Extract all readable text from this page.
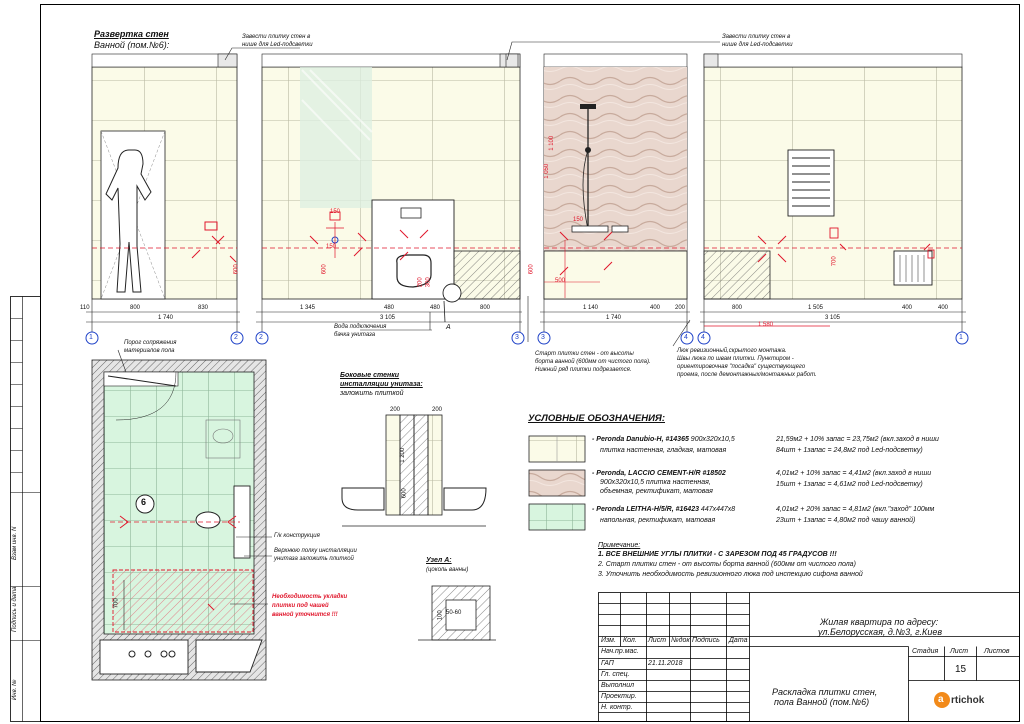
Взам инв. N
Подпись и дата
Инв. №
Развертка стен
Ванной (пом.№6):
Завести плитку стен в
нише для Led-подсветки
Завести плитку стен в
нише для Led-подсветки
Вода подключения
бачка унитаза
Старт плитки стен - от высоты
борта ванной (600мм от чистого пола).
Нижний ряд плитки подрезается.
Люк ревизионный,скрытого монтажа.
Швы люка по швам плитки. Пунктиром -
ориентировочная "посадка" существующего
проема, после демонтажных/монтажных работ.
A
1	2	2	3	3	4 4	1
110	800	830
1 740
1 345	480	480	800
3 105
1 140	400 200
1 740
800	1 505	400	400
1 580
3 105
600	600	600
1 050
150
150
500
200 300
1 100
150
700
6
Порог сопряжения
материалов пола
Г/к конструкция
Верхнюю полку инсталляции
унитаза заложить плиткой
Необходимость укладки
плитки под чашей
ванной уточнится !!!
700
Боковые стенки
инсталляции унитаза:
заложить плиткой
200	200
1 200
600
Узел А:
(цоколь ванны)
50-60
100
УСЛОВНЫЕ ОБОЗНАЧЕНИЯ:
- Peronda Danubio-H, #14365 900х320х10,5
плитка настенная, гладкая, матовая
21,59м2 + 10% запас = 23,75м2 (вкл.заход в ниши
84шт + 1запас = 24,8м2 под Led-подсветку)
- Peronda, LACCIO CEMENT-H/R #18502
900х320х10,5 плитка настенная,
объемная, ректификат, матовая
4,01м2 + 10% запас = 4,41м2 (вкл.заход в ниши
15шт + 1запас = 4,61м2 под Led-подсветку)
- Peronda LEITHA-H/5/R, #16423 447х447х8
напольная, ректификат, матовая
4,01м2 + 20% запас = 4,81м2 (вкл."заход" 100мм
23шт + 1запас = 4,80м2 под чашу ванной)
Примечание:
1. ВСЕ ВНЕШНИЕ УГЛЫ ПЛИТКИ - С ЗАРЕЗОМ ПОД 45 ГРАДУСОВ !!!
2. Старт плитки стен - от высоты борта ванной (600мм от чистого пола)
3. Уточнить необходимость ревизионного люка под инспекцию сифона ванной
Жилая квартира по адресу:
ул.Белорусская, д.№3, г.Киев
Изм. Кол. Лист №док Подпись Дата
Нач.пр.мас.
ГАП
Гл. спец.
Выполнил
Проектир.
Н. контр.
21.11.2018
Стадия Лист Листов
15
Раскладка плитки стен,
пола Ванной (пом.№6)	a rtichok
